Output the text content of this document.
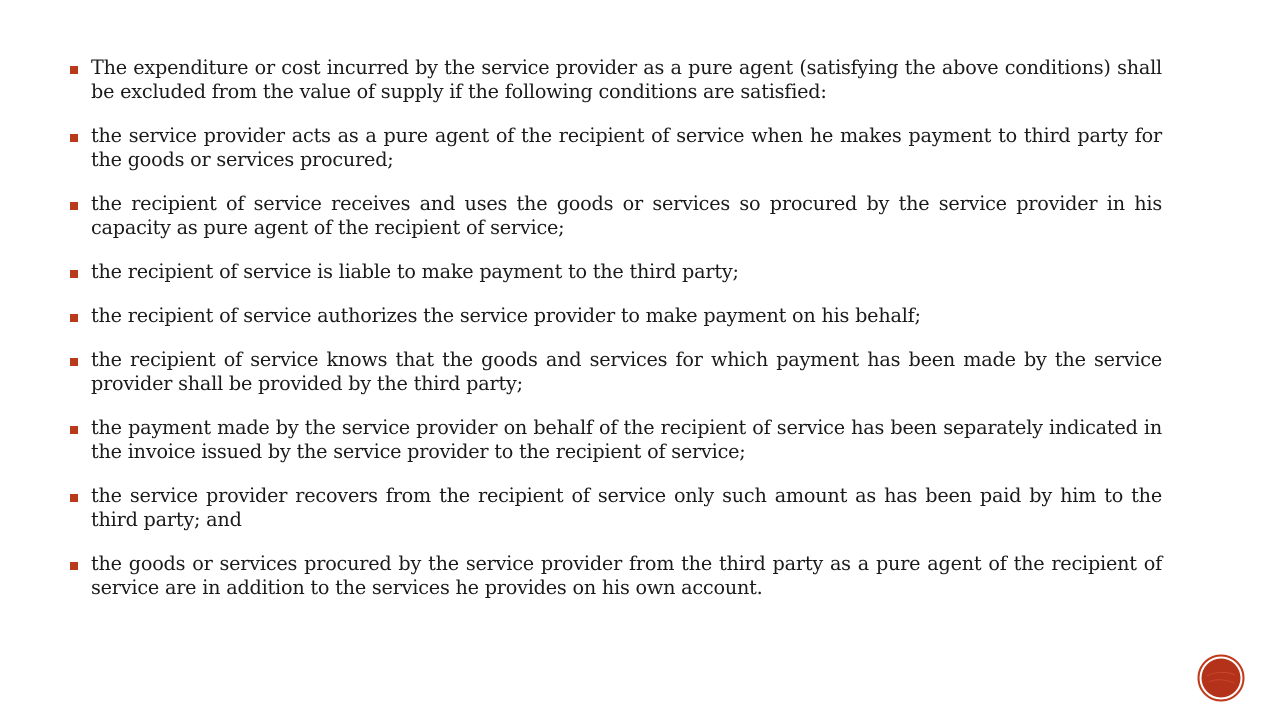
The expenditure or cost incurred by the service provider as a pure agent (satisfying the above conditions) shall be excluded from the value of supply if the following conditions are satisfied:
the service provider acts as a pure agent of the recipient of service when he makes payment to third party for the goods or services procured;
the recipient of service receives and uses the goods or services so procured by the service provider in his capacity as pure agent of the recipient of service;
the recipient of service is liable to make payment to the third party;
the recipient of service authorizes the service provider to make payment on his behalf;
the recipient of service knows that the goods and services for which payment has been made by the service provider shall be provided by the third party;
the payment made by the service provider on behalf of the recipient of service has been separately indicated in the invoice issued by the service provider to the recipient of service;
the service provider recovers from the recipient of service only such amount as has been paid by him to the third party; and
the goods or services procured by the service provider from the third party as a pure agent of the recipient of service are in addition to the services he provides on his own account.
